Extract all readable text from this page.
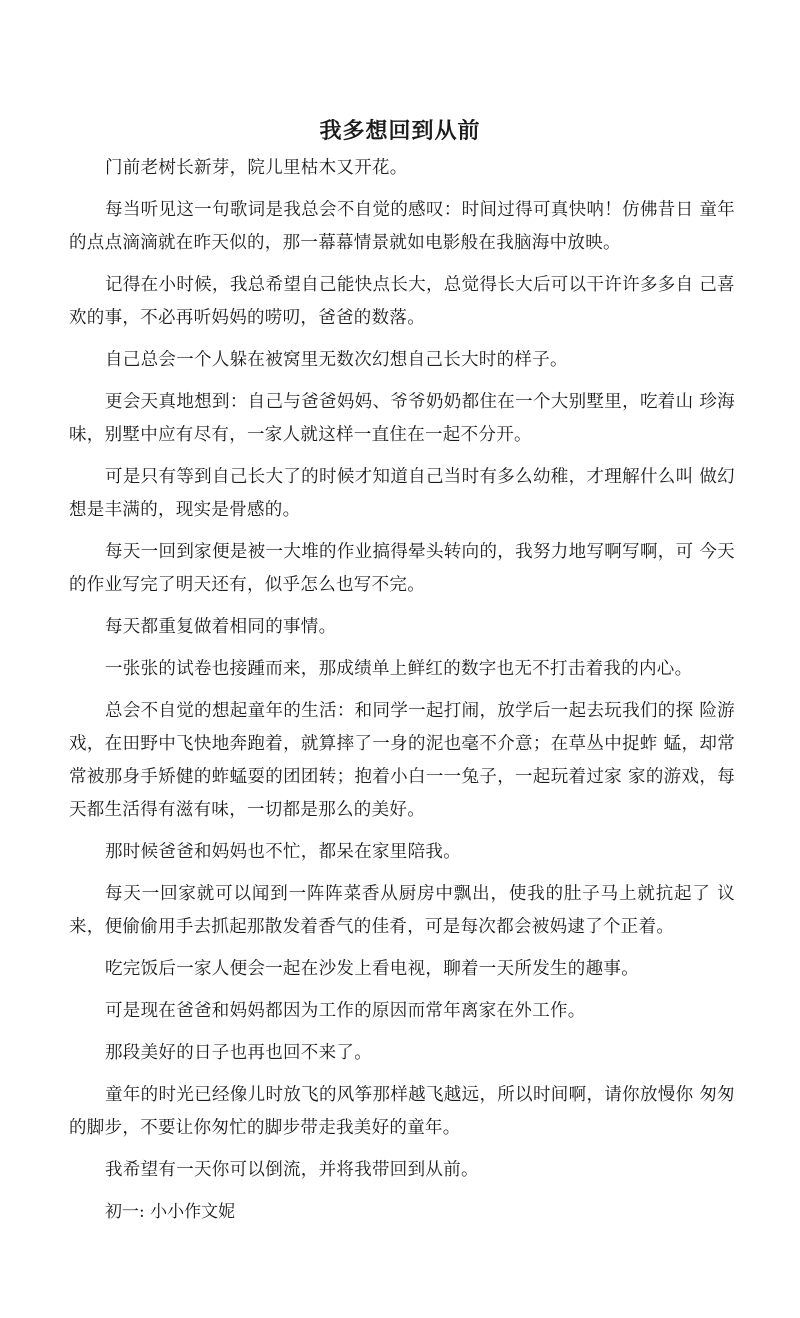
我多想回到从前

门前老树长新芽，院儿里枯木又开花。

每当听见这一句歌词是我总会不自觉的感叹：时间过得可真快呐！仿佛昔日 童年的点点滴滴就在昨天似的，那一幕幕情景就如电影般在我脑海中放映。

记得在小时候，我总希望自己能快点长大，总觉得长大后可以干许许多多自 己喜欢的事，不必再听妈妈的唠叨，爸爸的数落。

自己总会一个人躲在被窝里无数次幻想自己长大时的样子。

更会天真地想到：自己与爸爸妈妈、爷爷奶奶都住在一个大别墅里，吃着山 珍海味，别墅中应有尽有，一家人就这样一直住在一起不分开。

可是只有等到自己长大了的时候才知道自己当时有多么幼稚，才理解什么叫 做幻想是丰满的，现实是骨感的。

每天一回到家便是被一大堆的作业搞得晕头转向的，我努力地写啊写啊，可 今天的作业写完了明天还有，似乎怎么也写不完。

每天都重复做着相同的事情。

一张张的试卷也接踵而来，那成绩单上鲜红的数字也无不打击着我的内心。

总会不自觉的想起童年的生活：和同学一起打闹，放学后一起去玩我们的探 险游戏，在田野中飞快地奔跑着，就算摔了一身的泥也毫不介意；在草丛中捉蚱 蜢，却常常被那身手矫健的蚱蜢耍的团团转；抱着小白一一兔子，一起玩着过家 家的游戏，每天都生活得有滋有味，一切都是那么的美好。

那时候爸爸和妈妈也不忙，都呆在家里陪我。

每天一回家就可以闻到一阵阵菜香从厨房中飘出，使我的肚子马上就抗起了 议来，便偷偷用手去抓起那散发着香气的佳肴，可是每次都会被妈逮了个正着。

吃完饭后一家人便会一起在沙发上看电视，聊着一天所发生的趣事。

可是现在爸爸和妈妈都因为工作的原因而常年离家在外工作。

那段美好的日子也再也回不来了。

童年的时光已经像儿时放飞的风筝那样越飞越远，所以时间啊，请你放慢你 匆匆的脚步，不要让你匆忙的脚步带走我美好的童年。

我希望有一天你可以倒流，并将我带回到从前。

初一: 小小作文妮
